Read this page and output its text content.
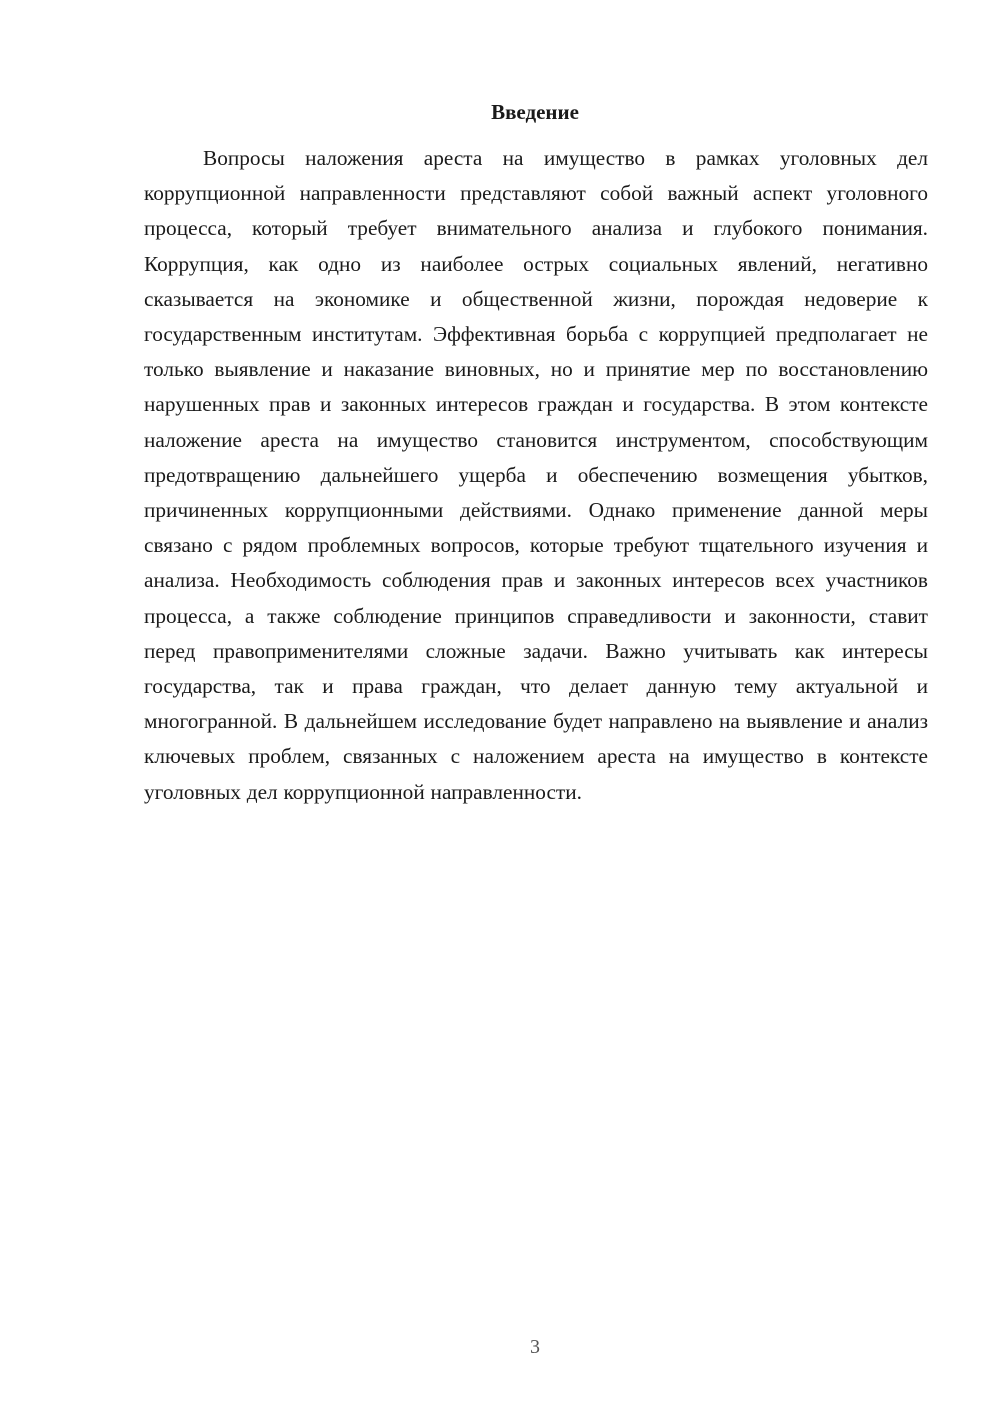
Введение

Вопросы наложения ареста на имущество в рамках уголовных дел коррупционной направленности представляют собой важный аспект уголовного процесса, который требует внимательного анализа и глубокого понимания. Коррупция, как одно из наиболее острых социальных явлений, негативно сказывается на экономике и общественной жизни, порождая недоверие к государственным институтам. Эффективная борьба с коррупцией предполагает не только выявление и наказание виновных, но и принятие мер по восстановлению нарушенных прав и законных интересов граждан и государства. В этом контексте наложение ареста на имущество становится инструментом, способствующим предотвращению дальнейшего ущерба и обеспечению возмещения убытков, причиненных коррупционными действиями. Однако применение данной меры связано с рядом проблемных вопросов, которые требуют тщательного изучения и анализа. Необходимость соблюдения прав и законных интересов всех участников процесса, а также соблюдение принципов справедливости и законности, ставит перед правоприменителями сложные задачи. Важно учитывать как интересы государства, так и права граждан, что делает данную тему актуальной и многогранной. В дальнейшем исследование будет направлено на выявление и анализ ключевых проблем, связанных с наложением ареста на имущество в контексте уголовных дел коррупционной направленности.

3
